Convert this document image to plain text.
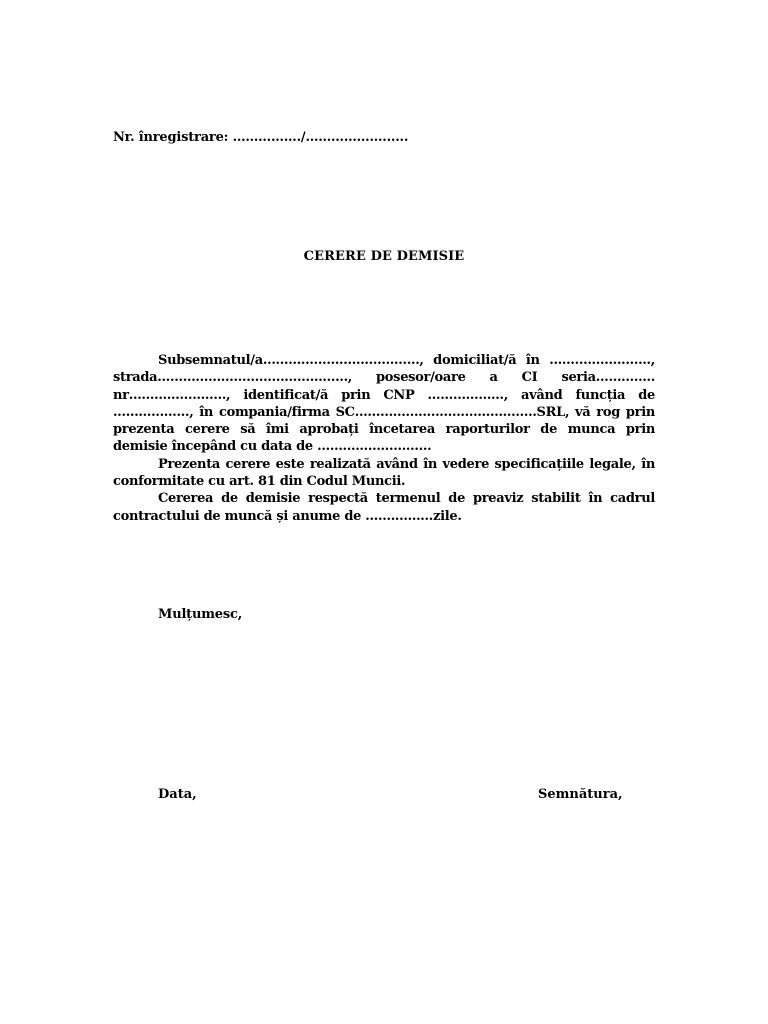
Nr. înregistrare: ……………./………………......
CERERE DE DEMISIE

Subsemnatul/a………………...……………., domiciliat/ă în ……........………., strada………………………………………, posesor/oare a CI seria………….. nr………………….., identificat/ă prin CNP ………………, având funcția de ………………, în compania/firma SC……..................................…SRL, vă rog prin prezenta cerere să îmi aprobați încetarea raporturilor de munca prin demisie începând cu data de ……............………

Prezenta cerere este realizată având în vedere specificațiile legale, în conformitate cu art. 81 din Codul Muncii.

Cererea de demisie respectă termenul de preaviz stabilit în cadrul contractului de muncă și anume de ……....……zile.

Mulțumesc,
Data,	Semnătura,
